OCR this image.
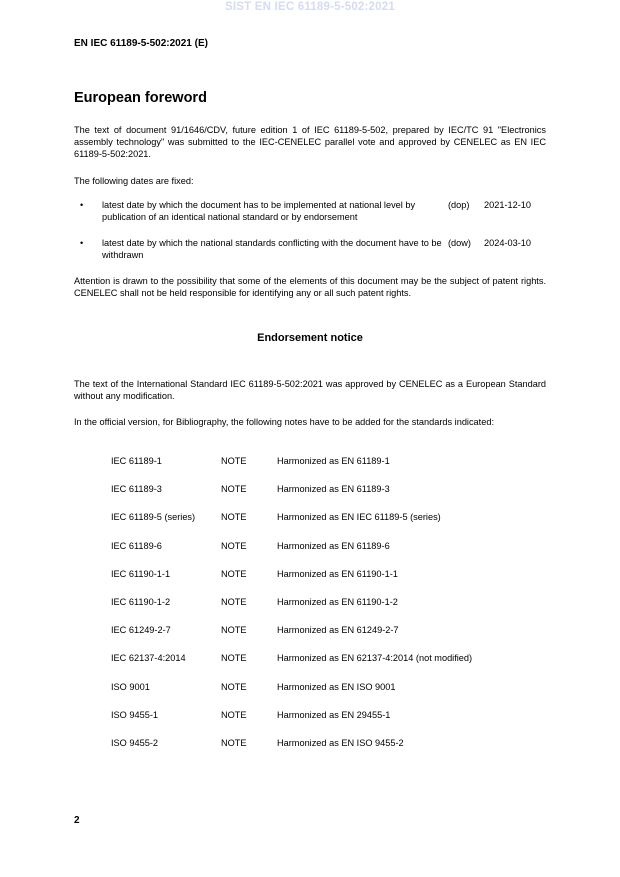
SIST EN IEC 61189-5-502:2021
EN IEC 61189-5-502:2021 (E)
European foreword

The text of document 91/1646/CDV, future edition 1 of IEC 61189-5-502, prepared by IEC/TC 91 "Electronics assembly technology" was submitted to the IEC-CENELEC parallel vote and approved by CENELEC as EN IEC 61189-5-502:2021.

The following dates are fixed:

• latest date by which the document has to be implemented at national level by publication of an identical national standard or by endorsement
(dop) 2021-12-10
• latest date by which the national standards conflicting with the document have to be withdrawn
(dow) 2024-03-10

Attention is drawn to the possibility that some of the elements of this document may be the subject of patent rights. CENELEC shall not be held responsible for identifying any or all such patent rights.

Endorsement notice

The text of the International Standard IEC 61189-5-502:2021 was approved by CENELEC as a European Standard without any modification.

In the official version, for Bibliography, the following notes have to be added for the standards indicated:

IEC 61189-1	NOTE	Harmonized as EN 61189-1
IEC 61189-3	NOTE	Harmonized as EN 61189-3
IEC 61189-5 (series)	NOTE	Harmonized as EN IEC 61189-5 (series)
IEC 61189-6	NOTE	Harmonized as EN 61189-6
IEC 61190-1-1	NOTE	Harmonized as EN 61190-1-1
IEC 61190-1-2	NOTE	Harmonized as EN 61190-1-2
IEC 61249-2-7	NOTE	Harmonized as EN 61249-2-7
IEC 62137-4:2014	NOTE	Harmonized as EN 62137-4:2014 (not modified)
ISO 9001	NOTE	Harmonized as EN ISO 9001
ISO 9455-1	NOTE	Harmonized as EN 29455-1
ISO 9455-2	NOTE	Harmonized as EN ISO 9455-2
2
